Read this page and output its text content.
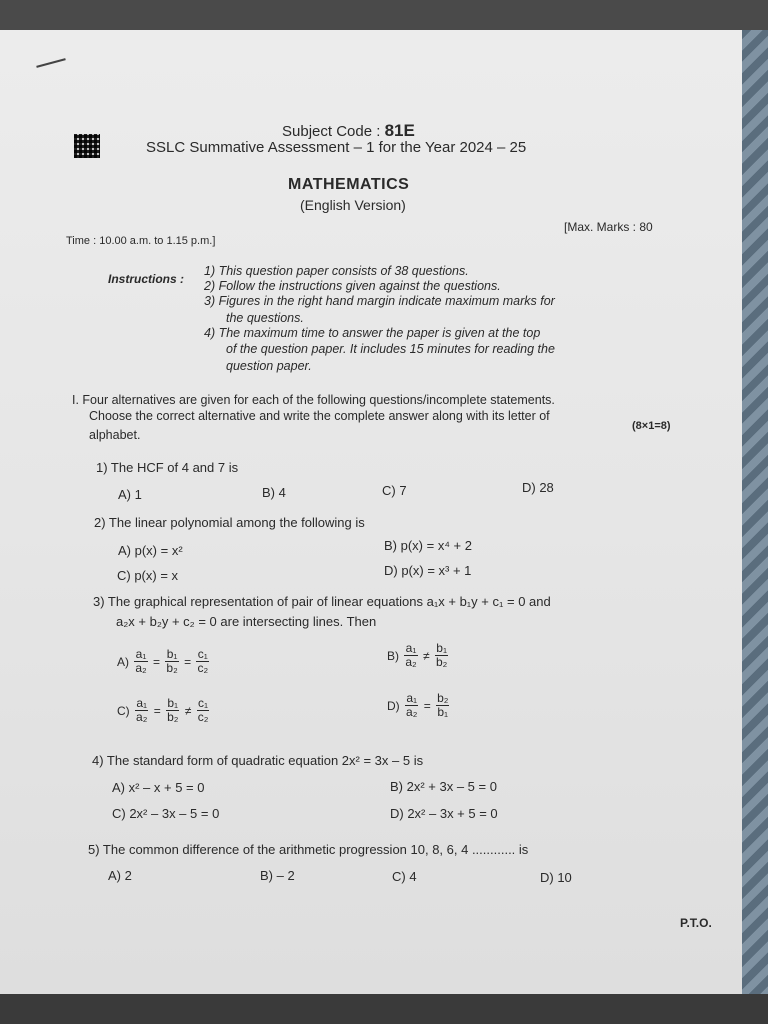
Subject Code : 81E
SSLC Summative Assessment – 1 for the Year 2024 – 25
MATHEMATICS
(English Version)
Time : 10.00 a.m. to 1.15 p.m.]
[Max. Marks : 80
Instructions :
1) This question paper consists of 38 questions.
2) Follow the instructions given against the questions.
3) Figures in the right hand margin indicate maximum marks for
the questions.
4) The maximum time to answer the paper is given at the top
of the question paper. It includes 15 minutes for reading the
question paper.
I. Four alternatives are given for each of the following questions/incomplete statements.
Choose the correct alternative and write the complete answer along with its letter of
alphabet.
(8×1=8)
1) The HCF of 4 and 7 is
A) 1	B) 4	C) 7	D) 28
2) The linear polynomial among the following is
A) p(x) = x²	B) p(x) = x⁴ + 2
C) p(x) = x	D) p(x) = x³ + 1
3) The graphical representation of pair of linear equations a₁x + b₁y + c₁ = 0 and
a₂x + b₂y + c₂ = 0 are intersecting lines. Then
$A) \frac{\text{a₁}}{\text{a₂}} = \frac{\text{b₁}}{\text{b₂}} = \frac{\text{c₁}}{\text{c₂}}$	$B) \frac{\text{a₁}}{\text{a₂}} \ne \frac{\text{b₁}}{\text{b₂}}$
$C) \frac{\text{a₁}}{\text{a₂}} = \frac{\text{b₁}}{\text{b₂}} \ne \frac{\text{c₁}}{\text{c₂}}$	$D) \frac{\text{a₁}}{\text{a₂}} = \frac{\text{b₂}}{\text{b₁}}$
4) The standard form of quadratic equation 2x² = 3x – 5 is
A) x² – x + 5 = 0	B) 2x² + 3x – 5 = 0
C) 2x² – 3x – 5 = 0	D) 2x² – 3x + 5 = 0
5) The common difference of the arithmetic progression 10, 8, 6, 4 ............ is
A) 2	B) – 2	C) 4	D) 10
P.T.O.
